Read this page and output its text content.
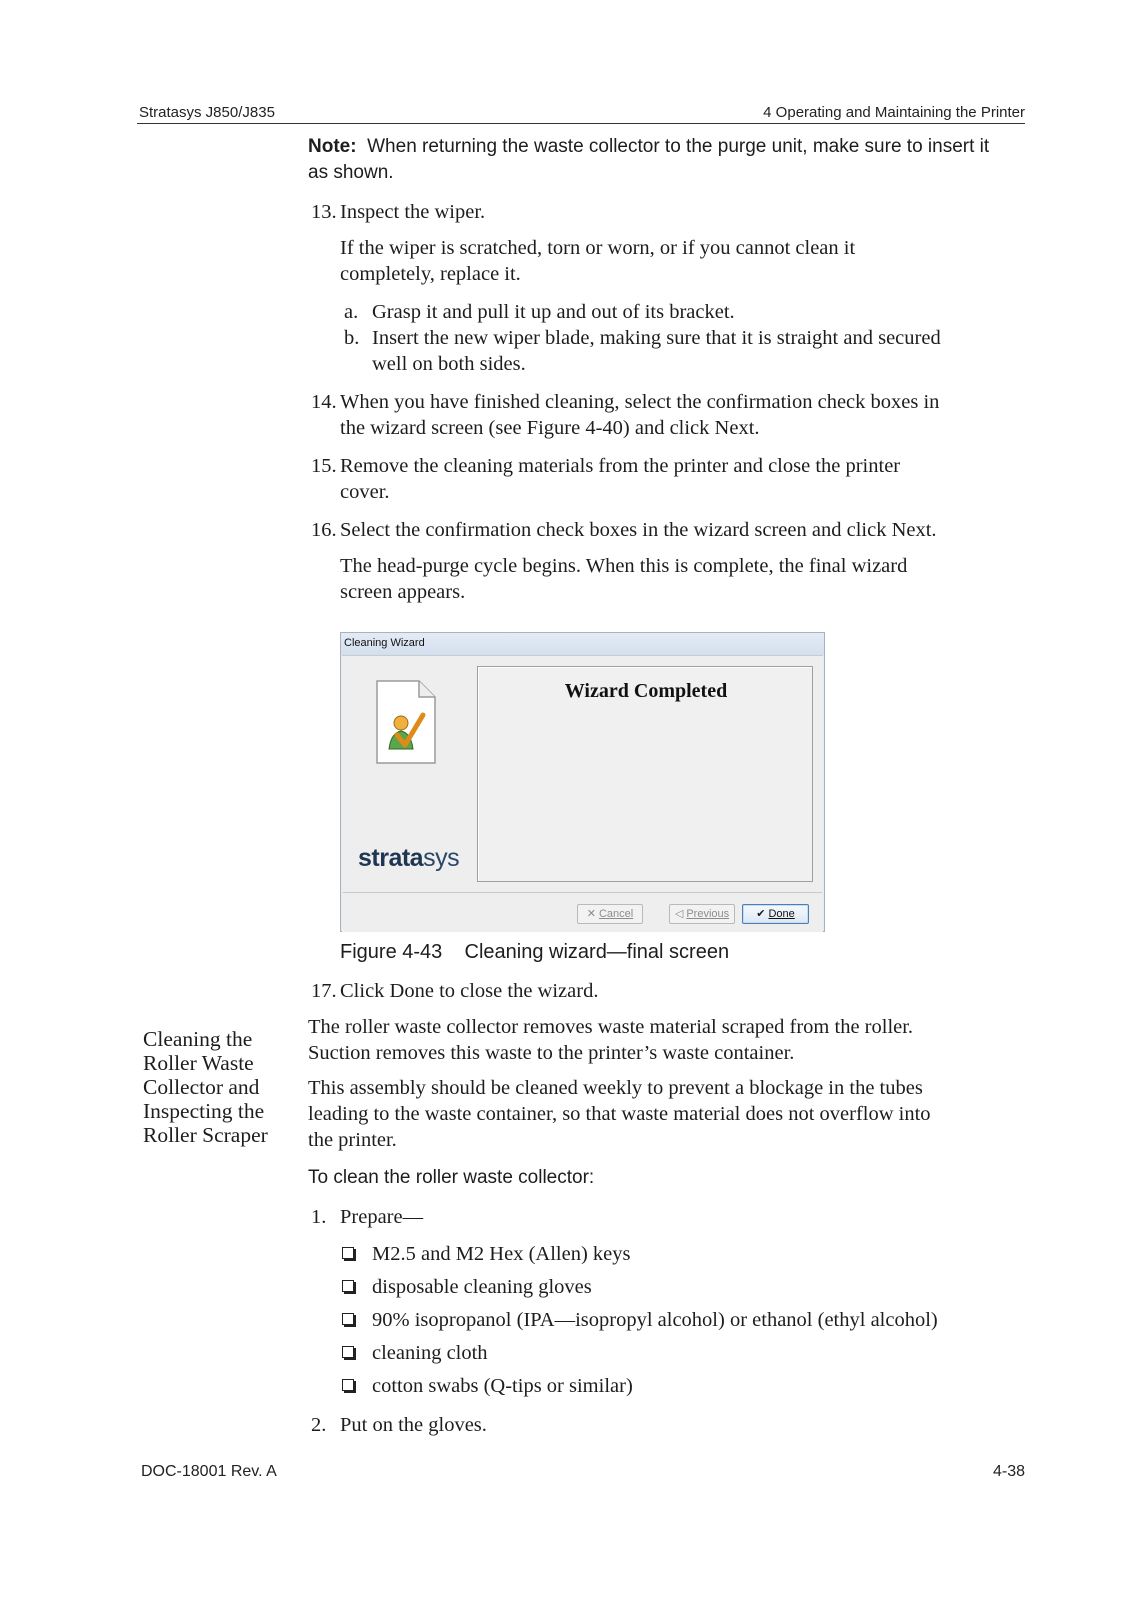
Stratasys J850/J835	4 Operating and Maintaining the Printer
Note: When returning the waste collector to the purge unit, make sure to insert it
as shown.
13. Inspect the wiper.
If the wiper is scratched, torn or worn, or if you cannot clean it
completely, replace it.
a. Grasp it and pull it up and out of its bracket.
b. Insert the new wiper blade, making sure that it is straight and secured
well on both sides.
14. When you have finished cleaning, select the confirmation check boxes in
the wizard screen (see Figure 4-40) and click Next.
15. Remove the cleaning materials from the printer and close the printer
cover.
16. Select the confirmation check boxes in the wizard screen and click Next.
The head-purge cycle begins. When this is complete, the final wizard
screen appears.
Cleaning Wizard
Wizard Completed
stratasys
✕ Cancel	◁ Previous	✔ Done
Figure 4-43 Cleaning wizard—final screen
17. Click Done to close the wizard.
Cleaning the
Roller Waste
Collector and
Inspecting the
Roller Scraper
The roller waste collector removes waste material scraped from the roller.
Suction removes this waste to the printer’s waste container.
This assembly should be cleaned weekly to prevent a blockage in the tubes
leading to the waste container, so that waste material does not overflow into
the printer.
To clean the roller waste collector:
1. Prepare—
M2.5 and M2 Hex (Allen) keys
disposable cleaning gloves
90% isopropanol (IPA—isopropyl alcohol) or ethanol (ethyl alcohol)
cleaning cloth
cotton swabs (Q-tips or similar)
2. Put on the gloves.
DOC-18001 Rev. A	4-38
